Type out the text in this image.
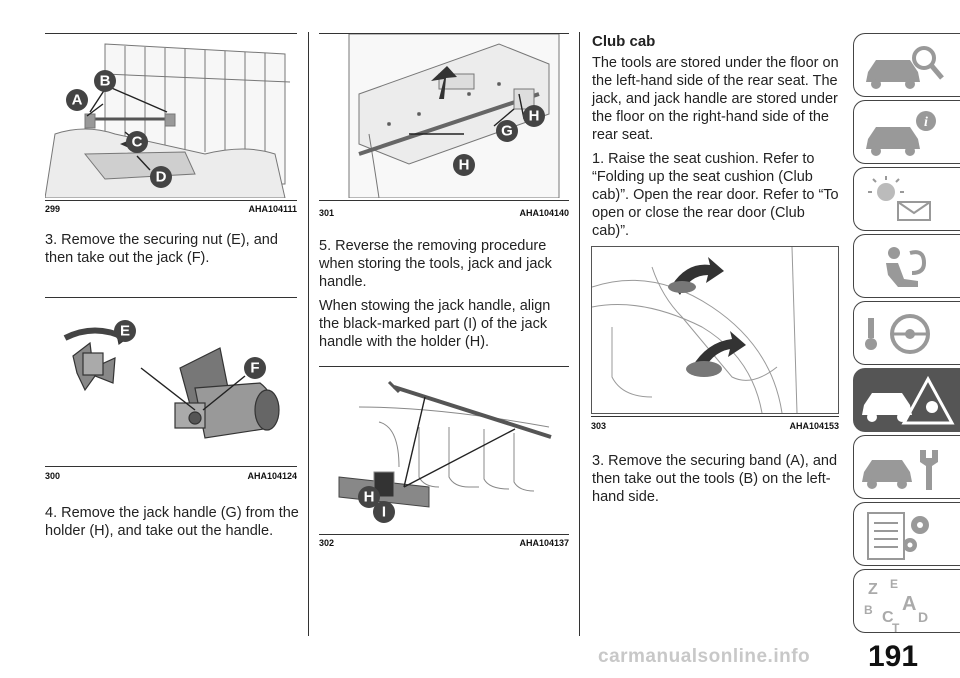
A
B
C
D
299	AHA104111

3. Remove the securing nut (E), and then take out the jack (F).

E
F
300	AHA104124

4. Remove the jack handle (G) from the holder (H), and take out the handle.

H
G
H
301	AHA104140

5. Reverse the removing procedure when storing the tools, jack and jack handle.

When stowing the jack handle, align the black-marked part (I) of the jack handle with the holder (H).

H
I
302	AHA104137

Club cab

The tools are stored under the floor on the left-hand side of the rear seat. The jack, and jack handle are stored under the floor on the right-hand side of the rear seat.

1. Raise the seat cushion. Refer to “Folding up the seat cushion (Club cab)”. Open the rear door. Refer to “To open or close the rear door (Club cab)”.

303	AHA104153

3. Remove the securing band (A), and then take out the tools (B) on the left-hand side.

i
Z E
B C
A
D
T
carmanualsonline.info 191
